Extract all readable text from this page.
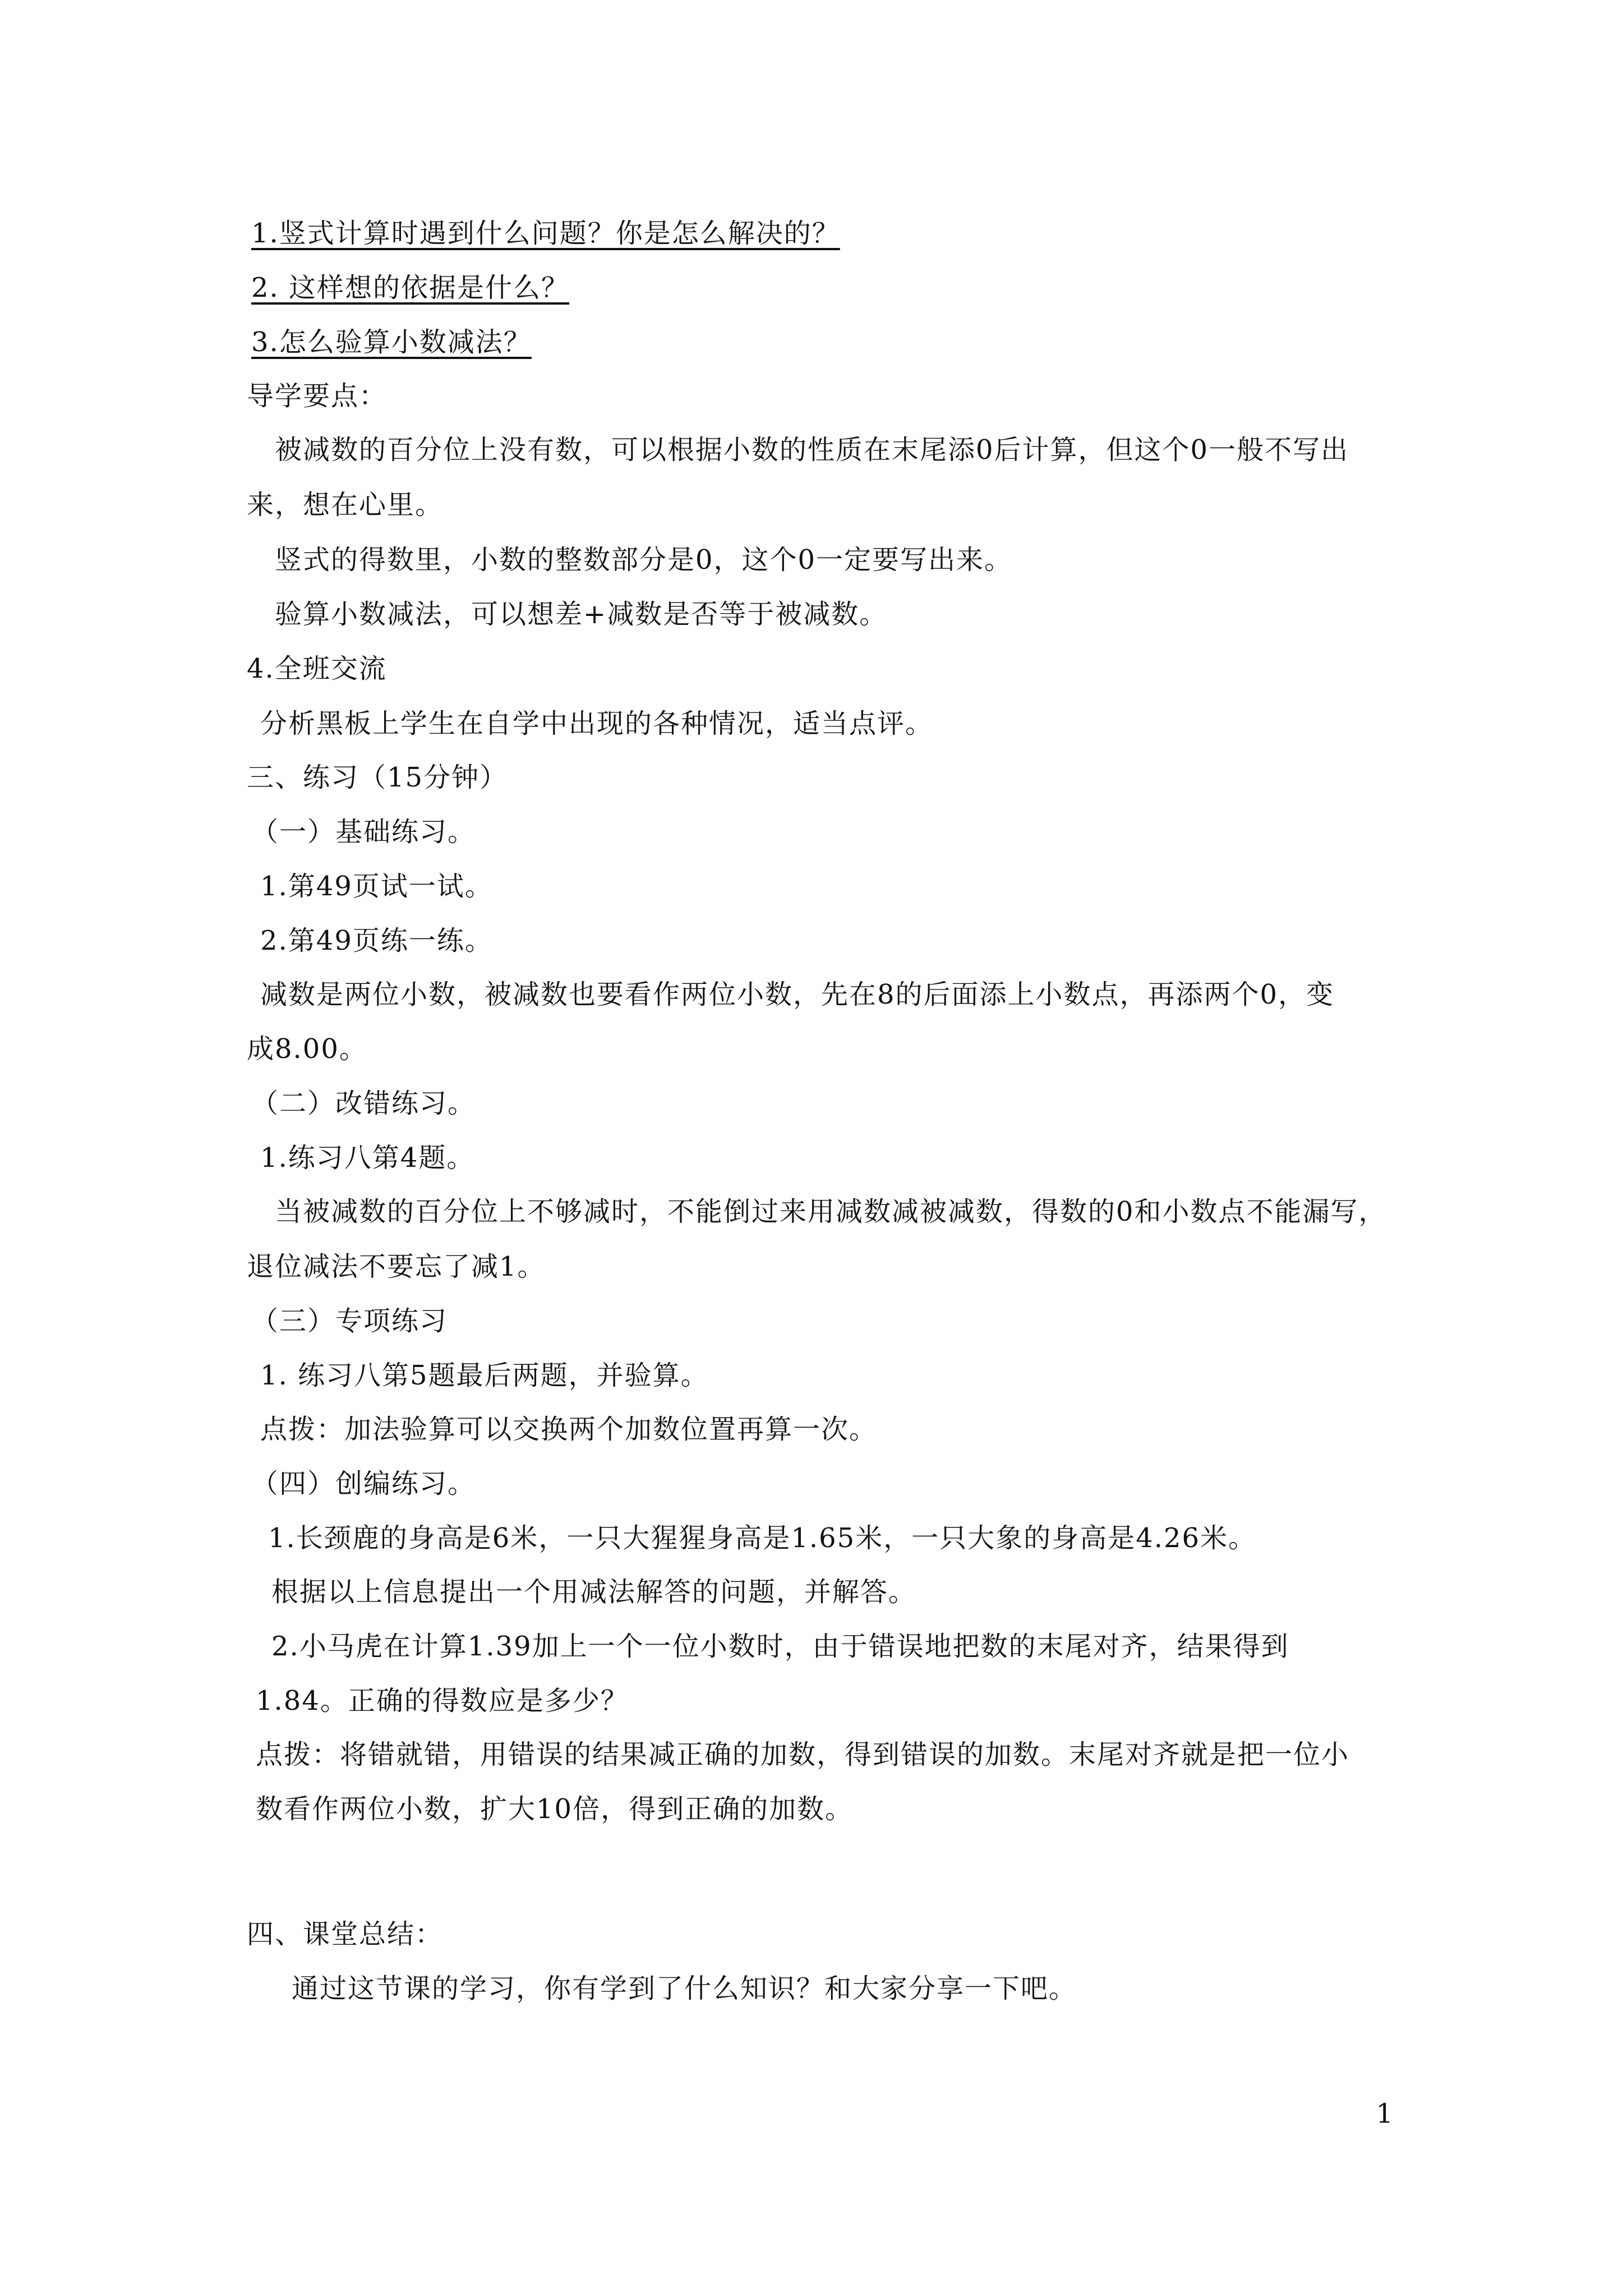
1.竖式计算时遇到什么问题？你是怎么解决的？
2. 这样想的依据是什么？
3.怎么验算小数减法？
导学要点：
被减数的百分位上没有数，可以根据小数的性质在末尾添0后计算，但这个0一般不写出
来，想在心里。
竖式的得数里，小数的整数部分是0，这个0一定要写出来。
验算小数减法，可以想差+减数是否等于被减数。
4.全班交流
分析黑板上学生在自学中出现的各种情况，适当点评。
三、练习（15分钟）
（一）基础练习。
1.第49页试一试。
2.第49页练一练。
减数是两位小数，被减数也要看作两位小数，先在8的后面添上小数点，再添两个0，变
成8.00。
（二）改错练习。
1.练习八第4题。
当被减数的百分位上不够减时，不能倒过来用减数减被减数，得数的0和小数点不能漏写，
退位减法不要忘了减1。
（三）专项练习
1. 练习八第5题最后两题，并验算。
点拨：加法验算可以交换两个加数位置再算一次。
（四）创编练习。
1.长颈鹿的身高是6米，一只大猩猩身高是1.65米，一只大象的身高是4.26米。
根据以上信息提出一个用减法解答的问题，并解答。
2.小马虎在计算1.39加上一个一位小数时，由于错误地把数的末尾对齐，结果得到
1.84。正确的得数应是多少？
点拨：将错就错，用错误的结果减正确的加数，得到错误的加数。末尾对齐就是把一位小
数看作两位小数，扩大10倍，得到正确的加数。
四、课堂总结：
通过这节课的学习，你有学到了什么知识？和大家分享一下吧。
1
